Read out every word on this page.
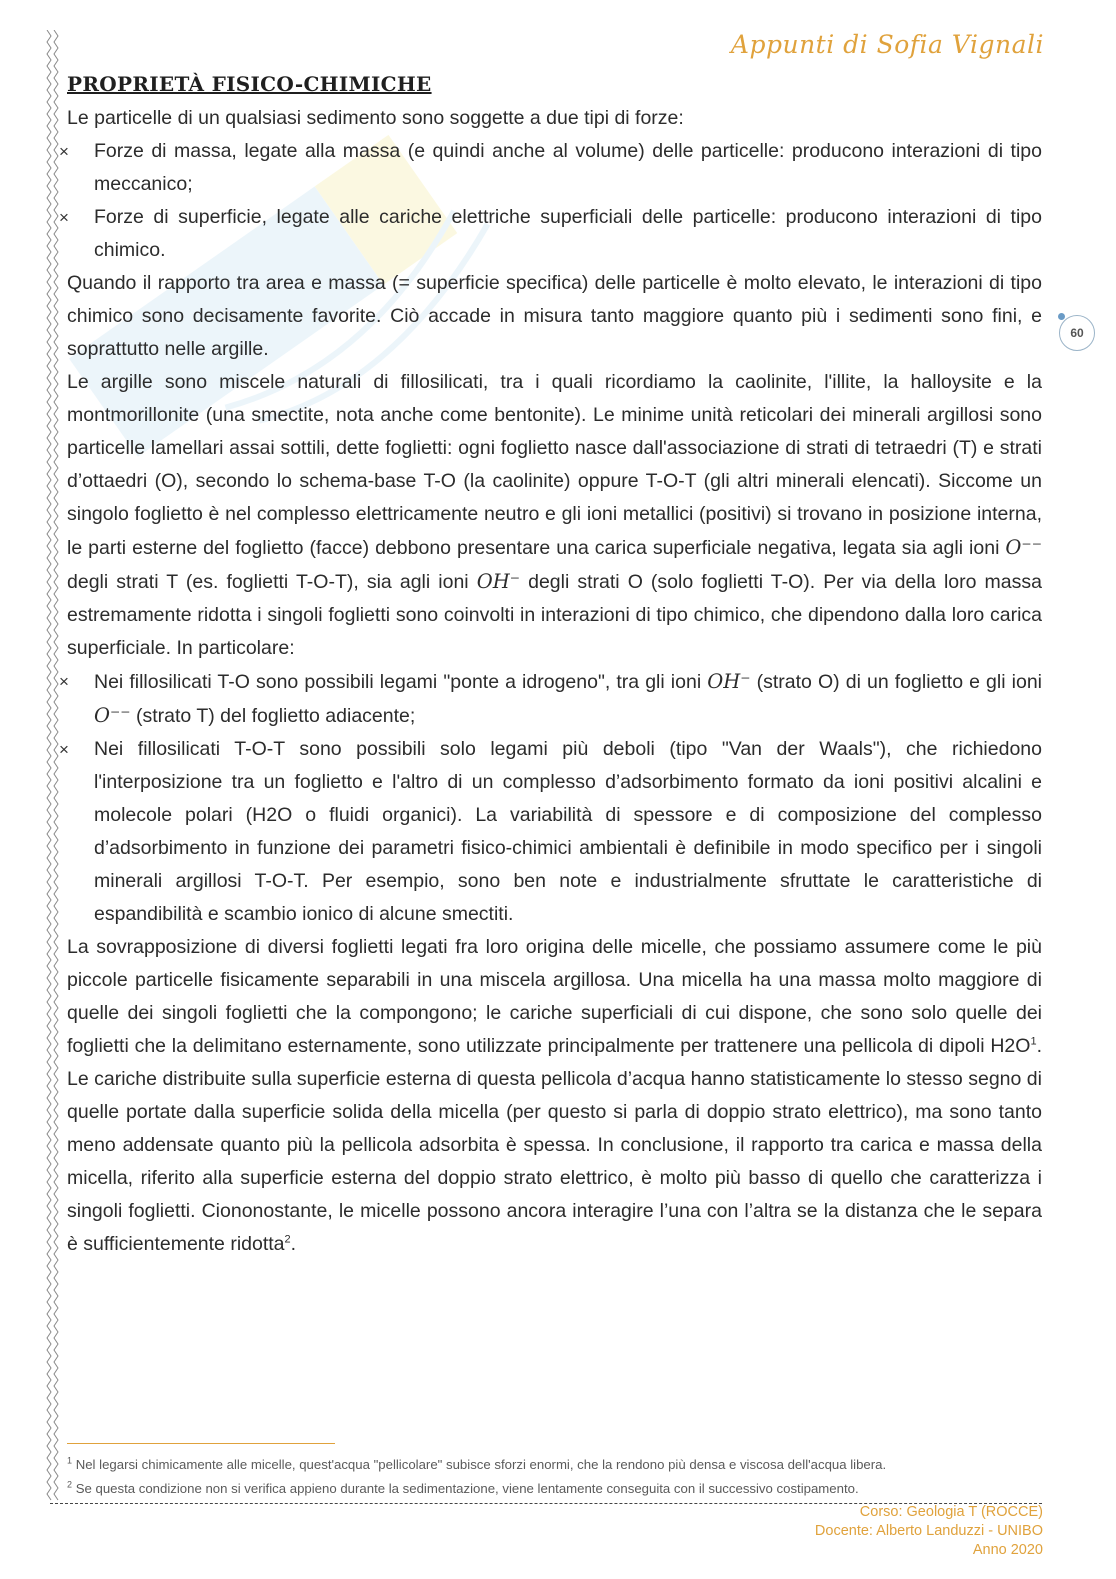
Appunti di Sofia Vignali
60
PROPRIETÀ FISICO-CHIMICHE

Le particelle di un qualsiasi sedimento sono soggette a due tipi di forze:

× Forze di massa, legate alla massa (e quindi anche al volume) delle particelle: producono interazioni di tipo meccanico;

× Forze di superficie, legate alle cariche elettriche superficiali delle particelle: producono interazioni di tipo chimico.

Quando il rapporto tra area e massa (= superficie specifica) delle particelle è molto elevato, le interazioni di tipo chimico sono decisamente favorite. Ciò accade in misura tanto maggiore quanto più i sedimenti sono fini, e soprattutto nelle argille.

Le argille sono miscele naturali di fillosilicati, tra i quali ricordiamo la caolinite, l'illite, la halloysite e la montmorillonite (una smectite, nota anche come bentonite). Le minime unità reticolari dei minerali argillosi sono particelle lamellari assai sottili, dette foglietti: ogni foglietto nasce dall'associazione di strati di tetraedri (T) e strati d’ottaedri (O), secondo lo schema-base T-O (la caolinite) oppure T-O-T (gli altri minerali elencati). Siccome un singolo foglietto è nel complesso elettricamente neutro e gli ioni metallici (positivi) si trovano in posizione interna, le parti esterne del foglietto (facce) debbono presentare una carica superficiale negativa, legata sia agli ioni O⁻⁻ degli strati T (es. foglietti T-O-T), sia agli ioni OH⁻ degli strati O (solo foglietti T-O). Per via della loro massa estremamente ridotta i singoli foglietti sono coinvolti in interazioni di tipo chimico, che dipendono dalla loro carica superficiale. In particolare:

× Nei fillosilicati T-O sono possibili legami "ponte a idrogeno", tra gli ioni OH⁻ (strato O) di un foglietto e gli ioni O⁻⁻ (strato T) del foglietto adiacente;

× Nei fillosilicati T-O-T sono possibili solo legami più deboli (tipo "Van der Waals"), che richiedono l'interposizione tra un foglietto e l'altro di un complesso d’adsorbimento formato da ioni positivi alcalini e molecole polari (H2O o fluidi organici). La variabilità di spessore e di composizione del complesso d’adsorbimento in funzione dei parametri fisico-chimici ambientali è definibile in modo specifico per i singoli minerali argillosi T-O-T. Per esempio, sono ben note e industrialmente sfruttate le caratteristiche di espandibilità e scambio ionico di alcune smectiti.

La sovrapposizione di diversi foglietti legati fra loro origina delle micelle, che possiamo assumere come le più piccole particelle fisicamente separabili in una miscela argillosa. Una micella ha una massa molto maggiore di quelle dei singoli foglietti che la compongono; le cariche superficiali di cui dispone, che sono solo quelle dei foglietti che la delimitano esternamente, sono utilizzate principalmente per trattenere una pellicola di dipoli $H2O^1$. Le cariche distribuite sulla superficie esterna di questa pellicola d’acqua hanno statisticamente lo stesso segno di quelle portate dalla superficie solida della micella (per questo si parla di doppio strato elettrico), ma sono tanto meno addensate quanto più la pellicola adsorbita è spessa. In conclusione, il rapporto tra carica e massa della micella, riferito alla superficie esterna del doppio strato elettrico, è molto più basso di quello che caratterizza i singoli foglietti. Ciononostante, le micelle possono ancora interagire l’una con l’altra se la distanza che le separa è sufficientemente ridotta$^2$.

$^1$ Nel legarsi chimicamente alle micelle, quest'acqua "pellicolare" subisce sforzi enormi, che la rendono più densa e viscosa dell'acqua libera.
$^2$ Se questa condizione non si verifica appieno durante la sedimentazione, viene lentamente conseguita con il successivo costipamento.
Corso: Geologia T (ROCCE)
Docente: Alberto Landuzzi - UNIBO
Anno 2020
